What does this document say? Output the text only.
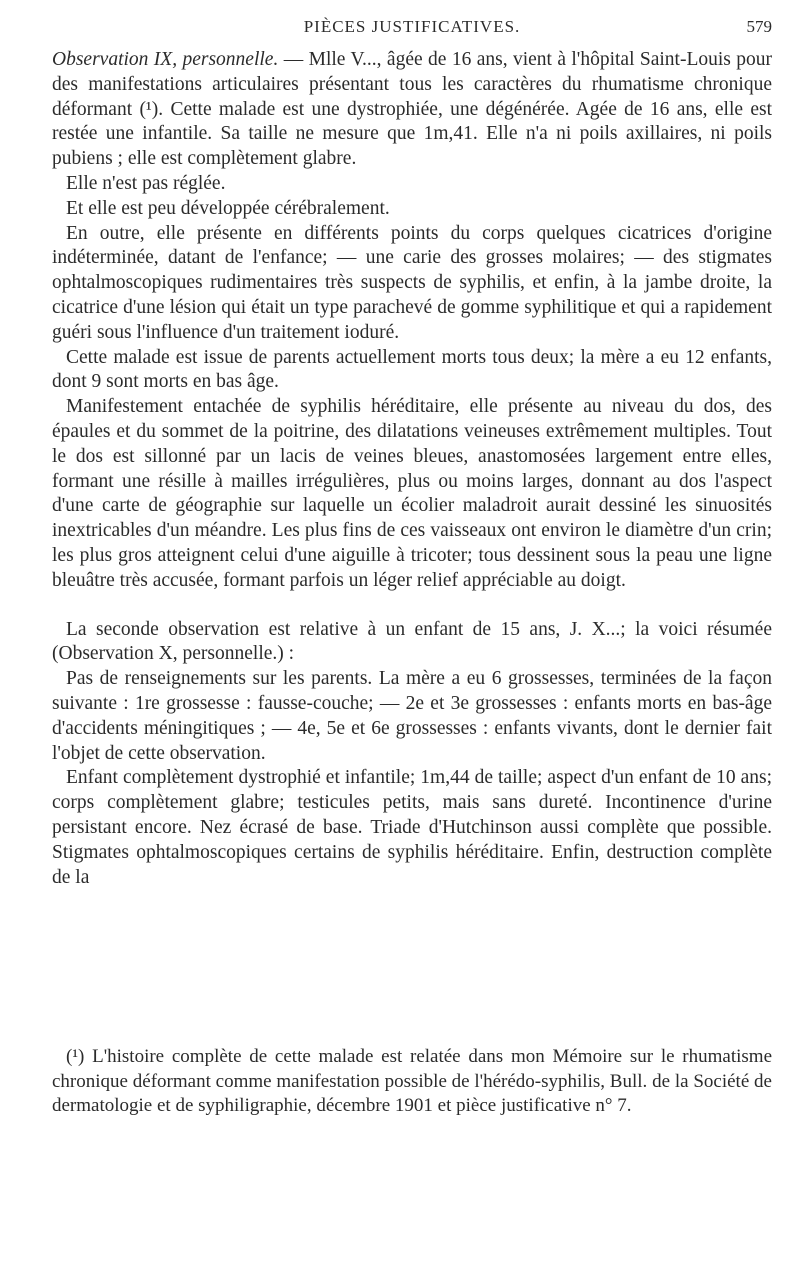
PIÈCES JUSTIFICATIVES.	579

Observation IX, personnelle. — Mlle V..., âgée de 16 ans, vient à l'hôpital Saint-Louis pour des manifestations articulaires présentant tous les caractères du rhumatisme chronique déformant (¹). Cette malade est une dystrophiée, une dégénérée. Agée de 16 ans, elle est restée une infantile. Sa taille ne mesure que 1m,41. Elle n'a ni poils axillaires, ni poils pubiens ; elle est complètement glabre.

Elle n'est pas réglée.

Et elle est peu développée cérébralement.

En outre, elle présente en différents points du corps quelques cicatrices d'origine indéterminée, datant de l'enfance; — une carie des grosses molaires; — des stigmates ophtalmoscopiques rudimentaires très suspects de syphilis, et enfin, à la jambe droite, la cicatrice d'une lésion qui était un type parachevé de gomme syphilitique et qui a rapidement guéri sous l'influence d'un traitement ioduré.

Cette malade est issue de parents actuellement morts tous deux; la mère a eu 12 enfants, dont 9 sont morts en bas âge.

Manifestement entachée de syphilis héréditaire, elle présente au niveau du dos, des épaules et du sommet de la poitrine, des dilatations veineuses extrêmement multiples. Tout le dos est sillonné par un lacis de veines bleues, anastomosées largement entre elles, formant une résille à mailles irrégulières, plus ou moins larges, donnant au dos l'aspect d'une carte de géographie sur laquelle un écolier maladroit aurait dessiné les sinuosités inextricables d'un méandre. Les plus fins de ces vaisseaux ont environ le diamètre d'un crin; les plus gros atteignent celui d'une aiguille à tricoter; tous dessinent sous la peau une ligne bleuâtre très accusée, formant parfois un léger relief appréciable au doigt.

La seconde observation est relative à un enfant de 15 ans, J. X...; la voici résumée (Observation X, personnelle.) :

Pas de renseignements sur les parents. La mère a eu 6 grossesses, terminées de la façon suivante : 1re grossesse : fausse-couche; — 2e et 3e grossesses : enfants morts en bas-âge d'accidents méningitiques ; — 4e, 5e et 6e grossesses : enfants vivants, dont le dernier fait l'objet de cette observation.

Enfant complètement dystrophié et infantile; 1m,44 de taille; aspect d'un enfant de 10 ans; corps complètement glabre; testicules petits, mais sans dureté. Incontinence d'urine persistant encore. Nez écrasé de base. Triade d'Hutchinson aussi complète que possible. Stigmates ophtalmoscopiques certains de syphilis héréditaire. Enfin, destruction complète de la

(¹) L'histoire complète de cette malade est relatée dans mon Mémoire sur le rhumatisme chronique déformant comme manifestation possible de l'hérédo-syphilis, Bull. de la Société de dermatologie et de syphiligraphie, décembre 1901 et pièce justificative n° 7.
